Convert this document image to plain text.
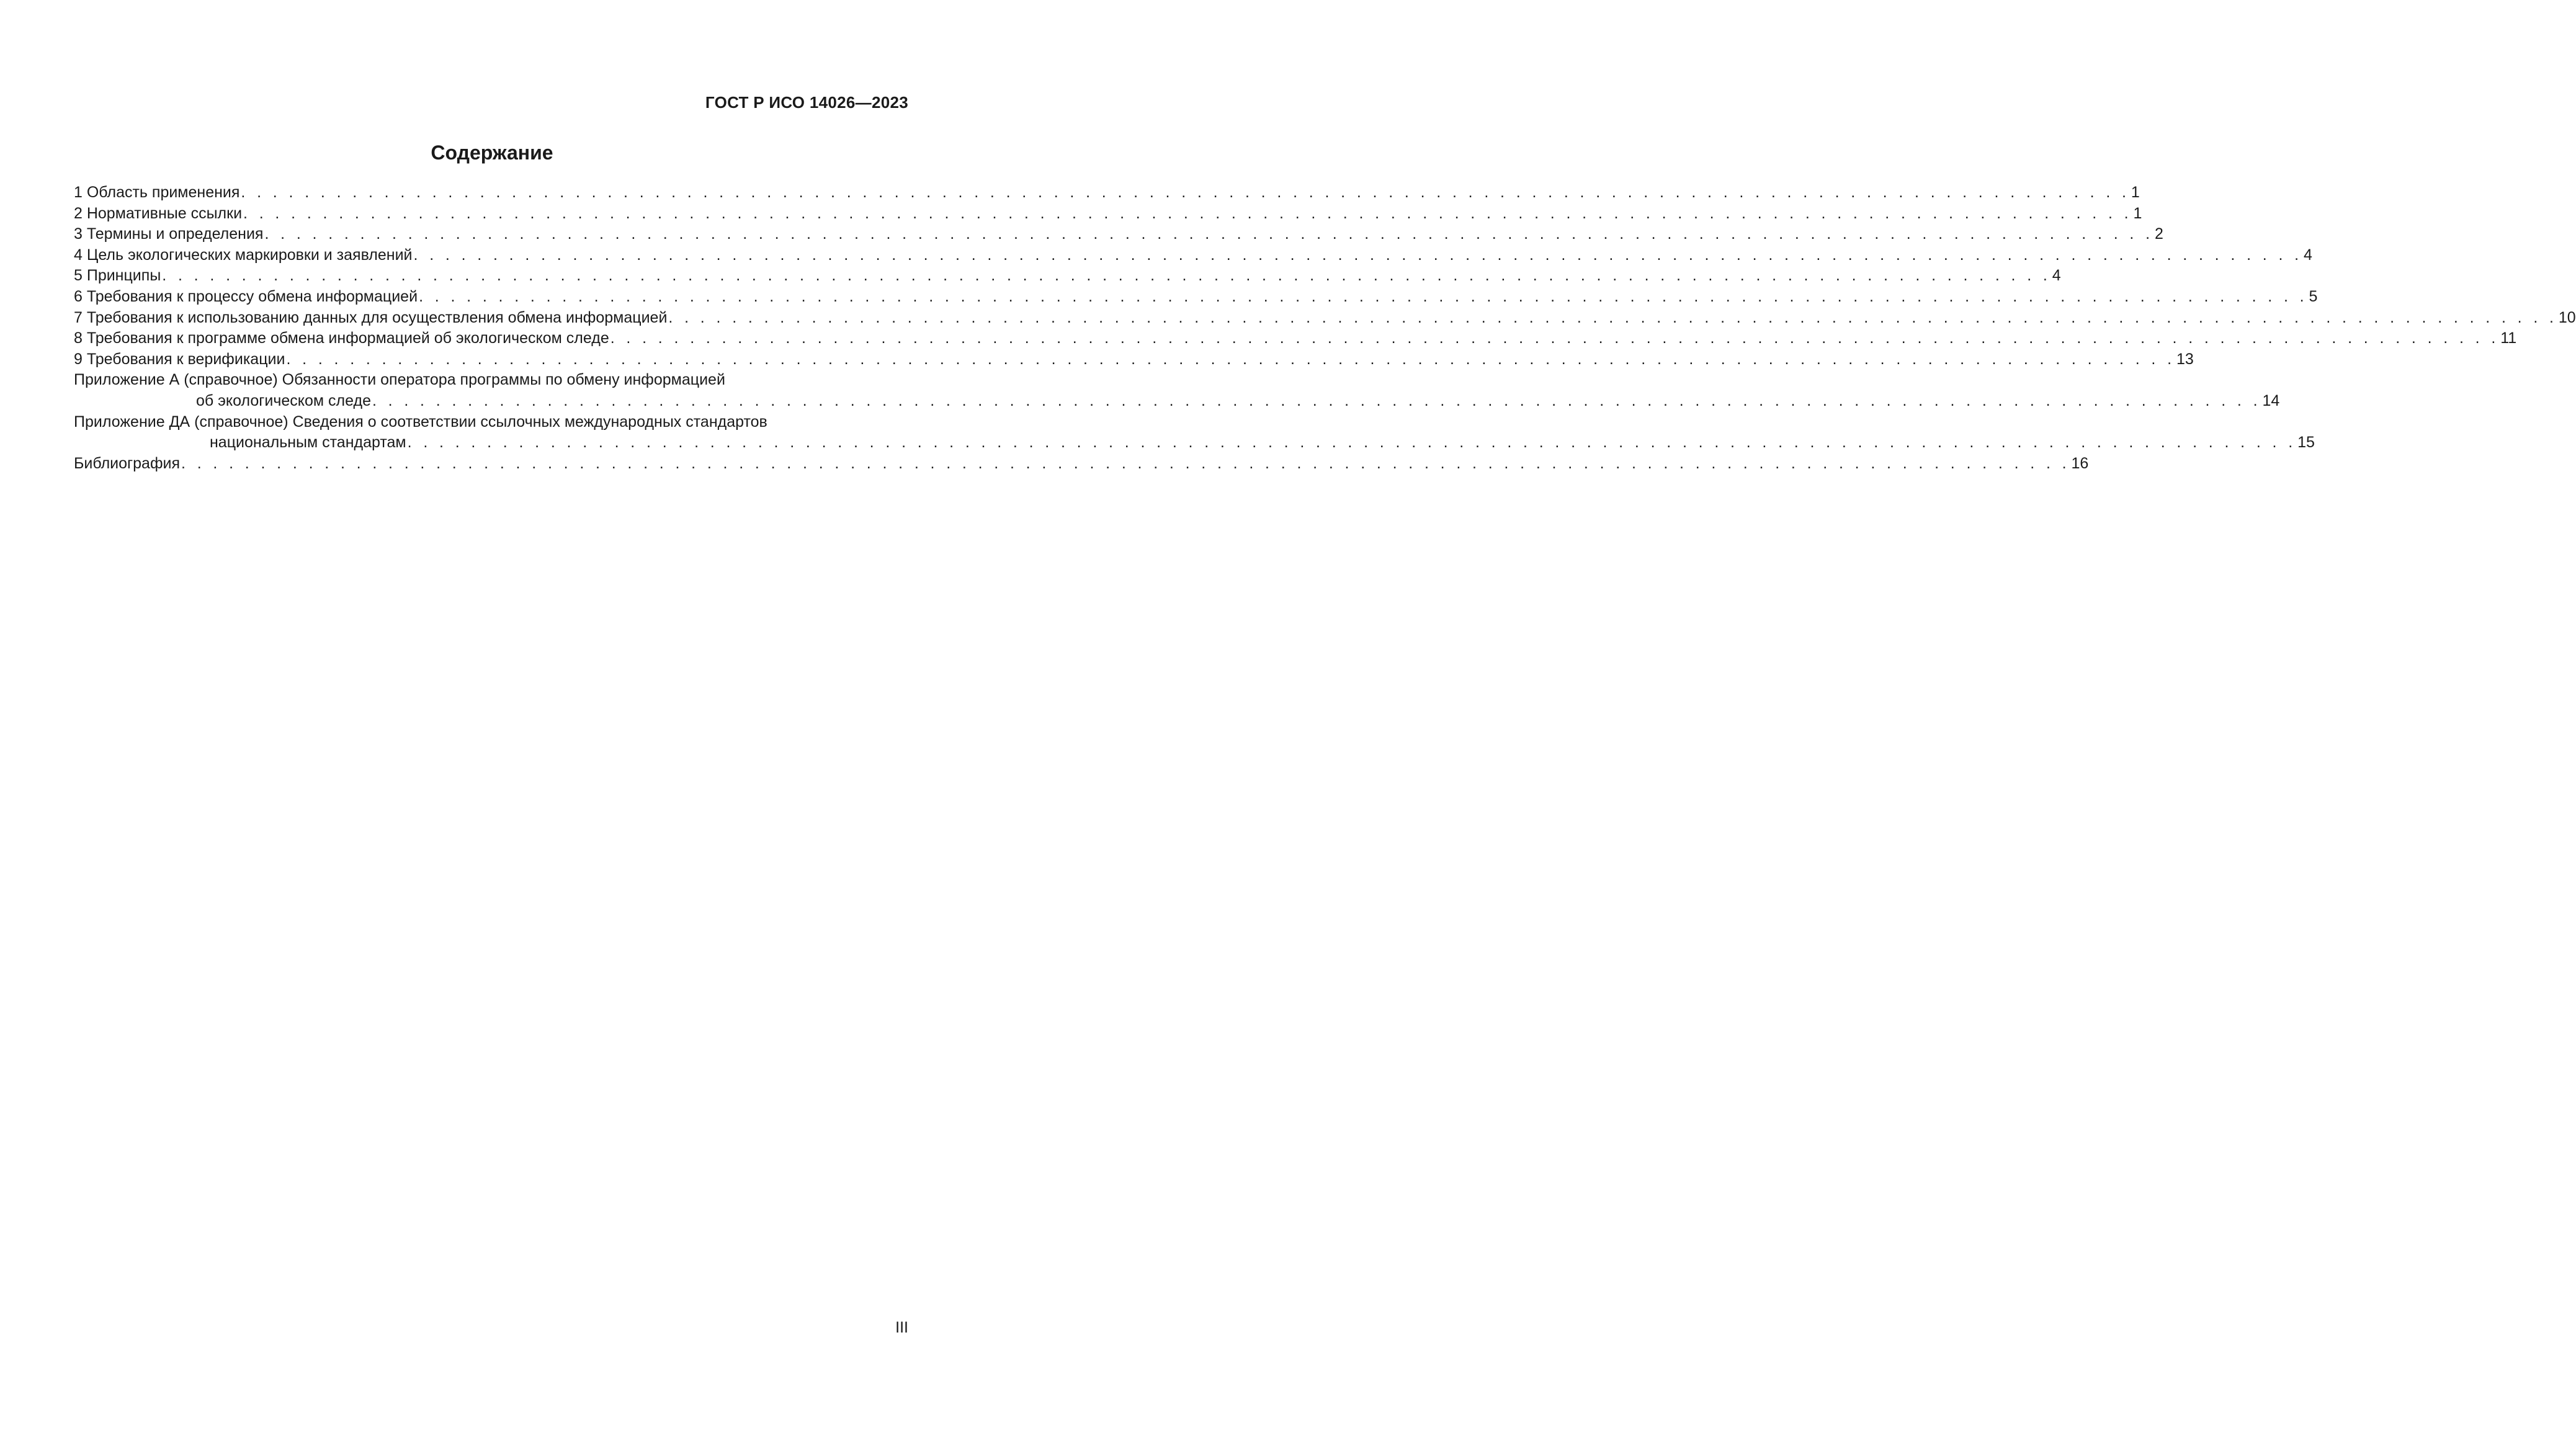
ГОСТ Р ИСО 14026—2023
Содержание
1 Область применения . . . . . . . . . . . . . . . . . . . . . . . . . . . . . . . . . . . . . . . . . . . . . . . . . . . . . . . . . . . . . . . . . . . . . . . . . . . . . . . . . . . . . . . . . . . . . . . . . . . . . . . . . . . . . . . . . . . . . . . 1
2 Нормативные ссылки . . . . . . . . . . . . . . . . . . . . . . . . . . . . . . . . . . . . . . . . . . . . . . . . . . . . . . . . . . . . . . . . . . . . . . . . . . . . . . . . . . . . . . . . . . . . . . . . . . . . . . . . . . . . . . . . . . . . . . . 1
3 Термины и определения . . . . . . . . . . . . . . . . . . . . . . . . . . . . . . . . . . . . . . . . . . . . . . . . . . . . . . . . . . . . . . . . . . . . . . . . . . . . . . . . . . . . . . . . . . . . . . . . . . . . . . . . . . . . . . . . . . . . . . . 2
4 Цель экологических маркировки и заявлений . . . . . . . . . . . . . . . . . . . . . . . . . . . . . . . . . . . . . . . . . . . . . . . . . . . . . . . . . . . . . . . . . . . . . . . . . . . . . . . . . . . . . . . . . . . . . . . . . . . . . . . . . . . . . . . . . . . . . . . 4
5 Принципы . . . . . . . . . . . . . . . . . . . . . . . . . . . . . . . . . . . . . . . . . . . . . . . . . . . . . . . . . . . . . . . . . . . . . . . . . . . . . . . . . . . . . . . . . . . . . . . . . . . . . . . . . . . . . . . . . . . . . . . 4
6 Требования к процессу обмена информацией . . . . . . . . . . . . . . . . . . . . . . . . . . . . . . . . . . . . . . . . . . . . . . . . . . . . . . . . . . . . . . . . . . . . . . . . . . . . . . . . . . . . . . . . . . . . . . . . . . . . . . . . . . . . . . . . . . . . . . . 5
7 Требования к использованию данных для осуществления обмена информацией . . . . . . . . . . . . . . . . . . . . . . . . . . . . . . . . . . . . . . . . . . . . . . . . . . . . . . . . . . . . . . . . . . . . . . . . . . . . . . . . . . . . . . . . . . . . . . . . . . . . . . . . . . . . . . . . . . . . . . . 10
8 Требования к программе обмена информацией об экологическом следе . . . . . . . . . . . . . . . . . . . . . . . . . . . . . . . . . . . . . . . . . . . . . . . . . . . . . . . . . . . . . . . . . . . . . . . . . . . . . . . . . . . . . . . . . . . . . . . . . . . . . . . . . . . . . . . . . . . . . . . 11
9 Требования к верификации . . . . . . . . . . . . . . . . . . . . . . . . . . . . . . . . . . . . . . . . . . . . . . . . . . . . . . . . . . . . . . . . . . . . . . . . . . . . . . . . . . . . . . . . . . . . . . . . . . . . . . . . . . . . . . . . . . . . . . . 13
Приложение А (справочное) Обязанности оператора программы по обмену информацией
об экологическом следе . . . . . . . . . . . . . . . . . . . . . . . . . . . . . . . . . . . . . . . . . . . . . . . . . . . . . . . . . . . . . . . . . . . . . . . . . . . . . . . . . . . . . . . . . . . . . . . . . . . . . . . . . . . . . . . . . . . . . . . 14
Приложение ДА (справочное) Сведения о соответствии ссылочных международных стандартов
национальным стандартам . . . . . . . . . . . . . . . . . . . . . . . . . . . . . . . . . . . . . . . . . . . . . . . . . . . . . . . . . . . . . . . . . . . . . . . . . . . . . . . . . . . . . . . . . . . . . . . . . . . . . . . . . . . . . . . . . . . . . . . 15
Библиография . . . . . . . . . . . . . . . . . . . . . . . . . . . . . . . . . . . . . . . . . . . . . . . . . . . . . . . . . . . . . . . . . . . . . . . . . . . . . . . . . . . . . . . . . . . . . . . . . . . . . . . . . . . . . . . . . . . . . . . 16
III
